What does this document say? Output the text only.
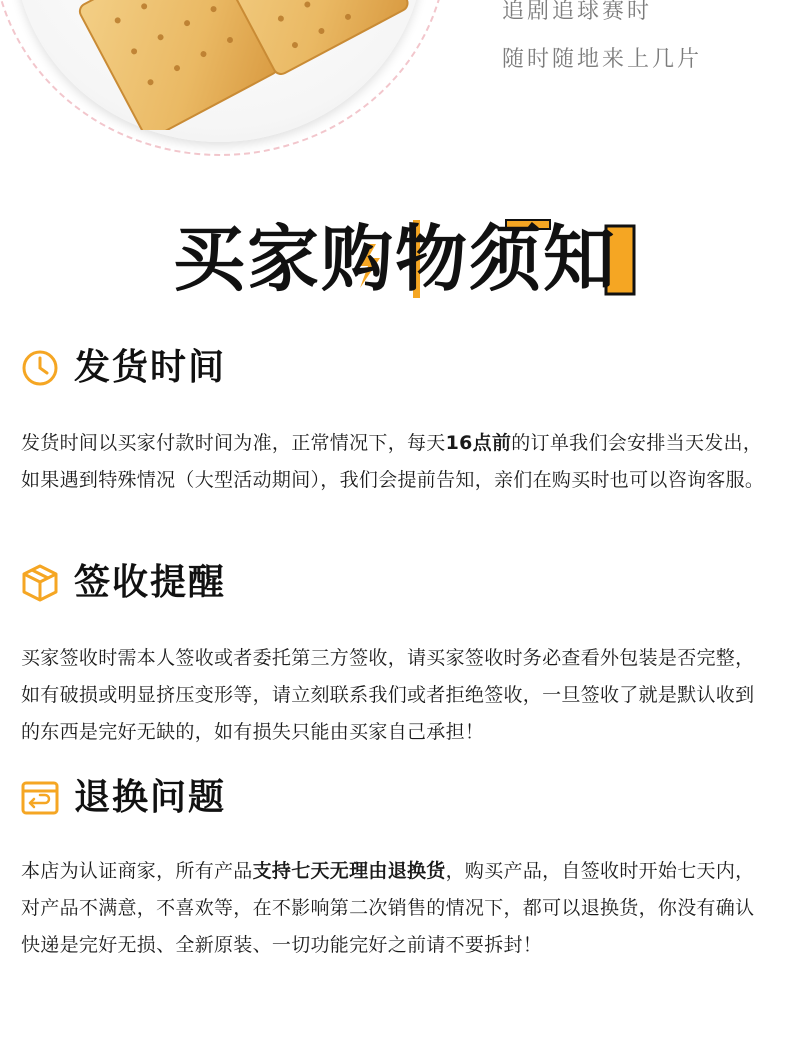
追剧追球赛时
随时随地来上几片
买家购物须知
发货时间
发货时间以买家付款时间为准，正常情况下，每天16点前的订单我们会安排当天发出，如果遇到特殊情况（大型活动期间），我们会提前告知，亲们在购买时也可以咨询客服。
签收提醒
买家签收时需本人签收或者委托第三方签收，请买家签收时务必查看外包装是否完整，如有破损或明显挤压变形等，请立刻联系我们或者拒绝签收，一旦签收了就是默认收到的东西是完好无缺的，如有损失只能由买家自己承担！
退换问题
本店为认证商家，所有产品支持七天无理由退换货，购买产品，自签收时开始七天内，对产品不满意，不喜欢等，在不影响第二次销售的情况下，都可以退换货，你没有确认快递是完好无损、全新原装、一切功能完好之前请不要拆封！
